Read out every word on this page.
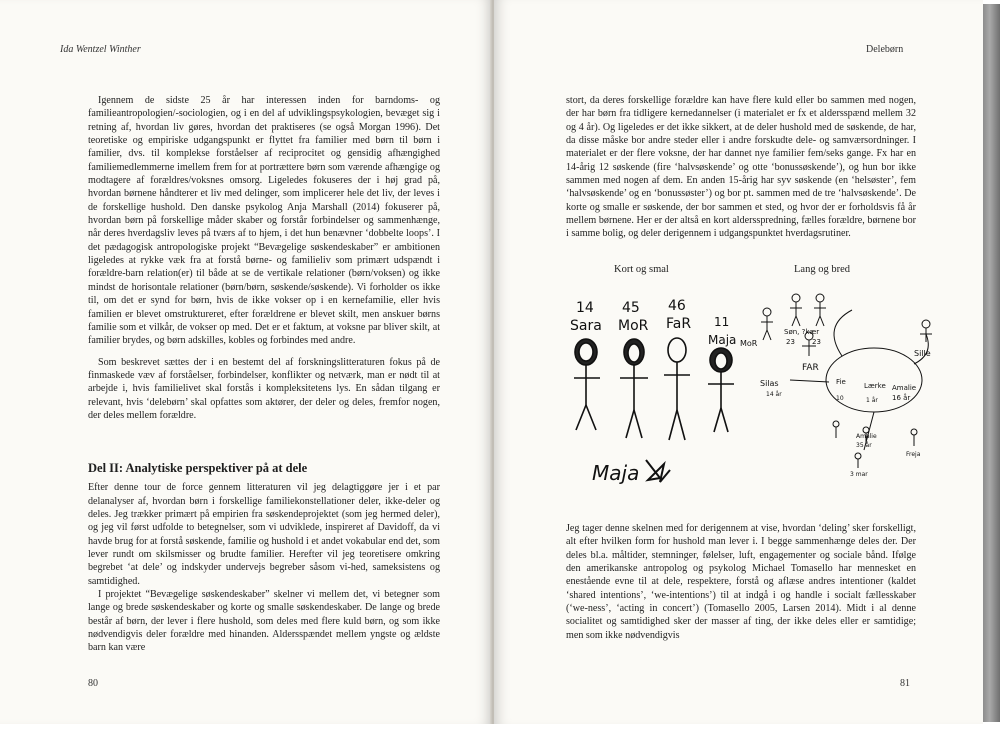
Ida Wentzel Winther

Igennem de sidste 25 år har interessen inden for barndoms- og familieantropologien/-sociologien, og i en del af udviklingspsykologien, bevæget sig i retning af, hvordan liv gøres, hvordan det praktiseres (se også Morgan 1996). Det teoretiske og empiriske udgangspunkt er flyttet fra familier med børn til børn i familier, dvs. til komplekse forståelser af reciprocitet og gensidig afhængighed familiemedlemmerne imellem frem for at portrættere børn som værende afhængige og modtagere af forældres/voksnes omsorg. Ligeledes fokuseres der i høj grad på, hvordan børnene håndterer et liv med delinger, som implicerer hele det liv, der leves i de forskellige hushold. Den danske psykolog Anja Marshall (2014) fokuserer på, hvordan børn på forskellige måder skaber og forstår forbindelser og sammenhænge, når deres hverdagsliv leves på tværs af to hjem, i det hun benævner ‘dobbelte loops’. I det pædagogisk antropologiske projekt “Bevægelige søskendeskaber” er ambitionen ligeledes at rykke væk fra at forstå børne- og familieliv som primært udspændt i forældre-barn relation(er) til både at se de vertikale relationer (børn/voksen) og ikke mindst de horisontale relationer (børn/børn, søskende/søskende). Vi forholder os ikke til, om det er synd for børn, hvis de ikke vokser op i en kernefamilie, eller hvis familien er blevet omstruktureret, efter forældrene er blevet skilt, men anskuer børns familie som et vilkår, de vokser op med. Det er et faktum, at voksne par bliver skilt, at familier brydes, og børn adskilles, kobles og forbindes med andre.

Som beskrevet sættes der i en bestemt del af forskningslitteraturen fokus på de finmaskede væv af forståelser, forbindelser, konflikter og netværk, man er nødt til at arbejde i, hvis familielivet skal forstås i kompleksitetens lys. En sådan tilgang er relevant, hvis ‘delebørn’ skal opfattes som aktører, der deler og deles, fremfor nogen, der deles mellem forældre.

Del II: Analytiske perspektiver på at dele

Efter denne tour de force gennem litteraturen vil jeg delagtiggøre jer i et par delanalyser af, hvordan børn i forskellige familiekonstellationer deler, ikke-deler og deles. Jeg trækker primært på empirien fra søskendeprojektet (som jeg hermed deler), og jeg vil først udfolde to betegnelser, som vi udviklede, inspireret af Davidoff, da vi havde brug for at forstå søskende, familie og hushold i et andet vokabular end det, som lever rundt om skilsmisser og brudte familier. Herefter vil jeg teoretisere omkring begrebet ‘at dele’ og indskyder undervejs begreber såsom vi-hed, sameksistens og samtidighed.

I projektet “Bevægelige søskendeskaber” skelner vi mellem det, vi betegner som lange og brede søskendeskaber og korte og smalle søskendeskaber. De lange og brede består af børn, der lever i flere hushold, som deles med flere kuld børn, og som ikke nødvendigvis deler forældre med hinanden. Aldersspændet mellem yngste og ældste barn kan være

80
Delebørn

stort, da deres forskellige forældre kan have flere kuld eller bo sammen med nogen, der har børn fra tidligere kernedannelser (i materialet er fx et aldersspænd mellem 32 og 4 år). Og ligeledes er det ikke sikkert, at de deler hushold med de søskende, de har, da disse måske bor andre steder eller i andre forskudte dele- og samværsordninger. I materialet er der flere voksne, der har dannet nye familier fem/seks gange. Fx har en 14-årig 12 søskende (fire ‘halvsøskende’ og otte ‘bonussøskende’), og hun bor ikke sammen med nogen af dem. En anden 15-årig har syv søskende (en ‘helsøster’, fem ‘halvsøskende’ og en ‘bonussøster’) og bor pt. sammen med de tre ‘halvsøskende’. De korte og smalle er søskende, der bor sammen et sted, og hvor der er forholdsvis få år mellem børnene. Her er der altså en kort aldersspredning, fælles forældre, børnene bor i samme bolig, og deler derigennem i udgangspunktet hverdagsrutiner.

Kort og smal	Lang og bred

Jeg tager denne skelnen med for derigennem at vise, hvordan ‘deling’ sker forskelligt, alt efter hvilken form for hushold man lever i. I begge sammenhænge deles der. Der deles bl.a. måltider, stemninger, følelser, luft, engagementer og sociale bånd. Ifølge den amerikanske antropolog og psykolog Michael Tomasello har mennesket en enestående evne til at dele, respektere, forstå og aflæse andres intentioner (kaldet ‘shared intentions’, ‘we-intentions’) til at indgå i og handle i socialt fællesskaber (‘we-ness’, ‘acting in concert’) (Tomasello 2005, Larsen 2014). Midt i al denne socialitet og samtidighed sker der masser af ting, der ikke deles eller er samtidige; men som ikke nødvendigvis

81
14
Sara
45
MoR
46
FaR 11
Maja
Maja
MoR
Søn, ?kær
23 23
FAR
Sille
Silas	Fie	Lærke Amalie
16 år
14 år
10	1 år
Amalie
35 år
Freja
3 mar
